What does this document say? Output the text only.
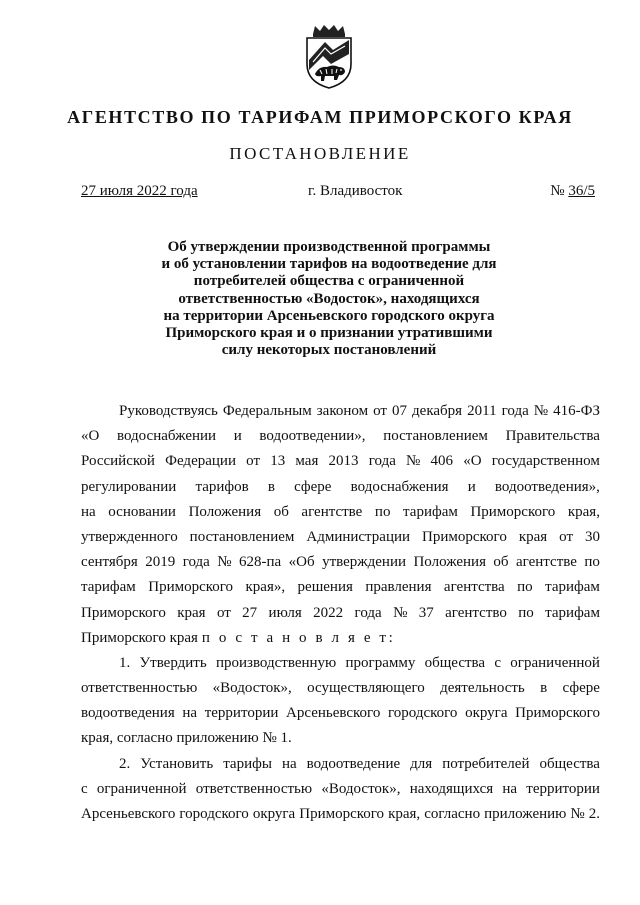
АГЕНТСТВО ПО ТАРИФАМ ПРИМОРСКОГО КРАЯ
ПОСТАНОВЛЕНИЕ
27 июля 2022 года	г. Владивосток	№ 36/5
Об утверждении производственной программы
и об установлении тарифов на водоотведение для
потребителей общества с ограниченной
ответственностью «Водосток», находящихся
на территории Арсеньевского городского округа
Приморского края и о признании утратившими
силу некоторых постановлений
Руководствуясь Федеральным законом от 07 декабря 2011 года № 416-ФЗ
«О водоснабжении и водоотведении», постановлением Правительства
Российской Федерации от 13 мая 2013 года № 406 «О государственном
регулировании тарифов в сфере водоснабжения и водоотведения»,
на основании Положения об агентстве по тарифам Приморского края,
утвержденного постановлением Администрации Приморского края от 30
сентября 2019 года № 628-па «Об утверждении Положения об агентстве по
тарифам Приморского края», решения правления агентства по тарифам
Приморского края от 27 июля 2022 года № 37 агентство по тарифам
Приморского края п о с т а н о в л я е т:
1. Утвердить производственную программу общества с ограниченной
ответственностью «Водосток», осуществляющего деятельность в сфере
водоотведения на территории Арсеньевского городского округа Приморского
края, согласно приложению № 1.
2. Установить тарифы на водоотведение для потребителей общества
с ограниченной ответственностью «Водосток», находящихся на территории
Арсеньевского городского округа Приморского края, согласно приложению № 2.
